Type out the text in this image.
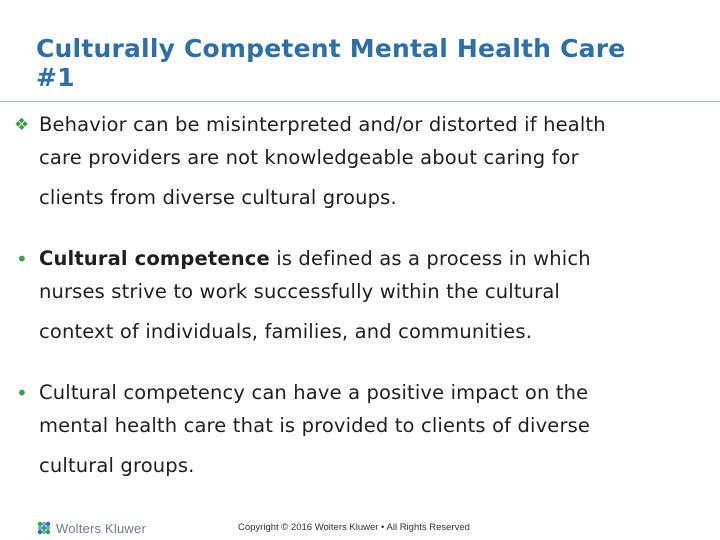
Culturally Competent Mental Health Care
#1
❖ Behavior can be misinterpreted and/or distorted if health
care providers are not knowledgeable about caring for
clients from diverse cultural groups.
• Cultural competence is defined as a process in which
nurses strive to work successfully within the cultural
context of individuals, families, and communities.
• Cultural competency can have a positive impact on the
mental health care that is provided to clients of diverse
cultural groups.
Wolters Kluwer	Copyright © 2016 Wolters Kluwer • All Rights Reserved
